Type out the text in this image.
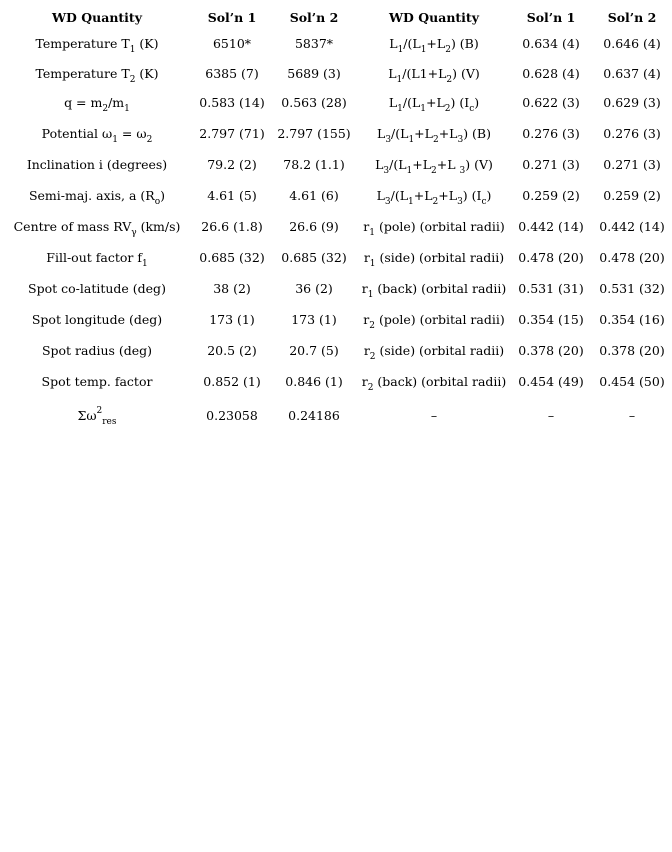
WD Quantity	Sol’n 1	Sol’n 2	WD Quantity	Sol’n 1	Sol’n 2
Temperature $T_1$ (K)	6510*	5837*	$L_1/(L_1+L_2)$ (B)	0.634 (4)	0.646 (4)
Temperature $T_2$ (K)	6385 (7)	5689 (3)	$L_1/(L1+L_2)$ (V)	0.628 (4)	0.637 (4)
$q = m_2/m_1$	0.583 (14)	0.563 (28)	$L_1/(L_1+L_2)$ $(I_c)$	0.622 (3)	0.629 (3)
Potential $\omega_1 = \omega_2$	2.797 (71)	2.797 (155)	$L_3/(L_1+L_2+L_3)$ (B)	0.276 (3)	0.276 (3)
Inclination i (degrees)	79.2 (2)	78.2 (1.1)	$L_3/(L_1+L_2+L$ $_3$) (V)	0.271 (3)	0.271 (3)
Semi-maj. axis, a $(R_o)$	4.61 (5)	4.61 (6)	$L_3/(L_1+L_2+L_3)$ $(I_c)$	0.259 (2)	0.259 (2)
Centre of mass $RV_\gamma$ (km/s)	26.6 (1.8)	26.6 (9)	$r_1$ (pole) (orbital radii)	0.442 (14)	0.442 (14)
Fill-out factor $f_1$	0.685 (32)	0.685 (32)	$r_1$ (side) (orbital radii)	0.478 (20)	0.478 (20)
Spot co-latitude (deg)	38 (2)	36 (2)	$r_1$ (back) (orbital radii)	0.531 (31)	0.531 (32)
Spot longitude (deg)	173 (1)	173 (1)	$r_2$ (pole) (orbital radii)	0.354 (15)	0.354 (16)
Spot radius (deg)	20.5 (2)	20.7 (5)	$r_2$ (side) (orbital radii)	0.378 (20)	0.378 (20)
Spot temp. factor	0.852 (1)	0.846 (1)	$r_2$ (back) (orbital radii)	0.454 (49)	0.454 (50)
$\Sigma\omega^2_{res}$	0.23058	0.24186	–	–	–
